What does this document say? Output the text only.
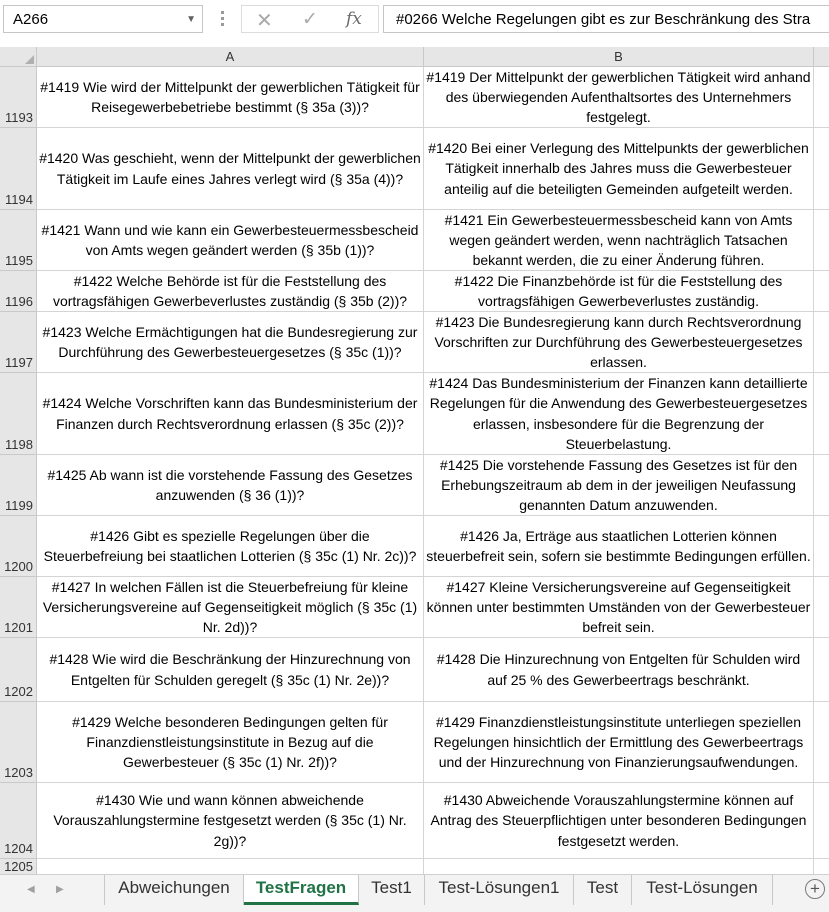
A266	▼	✕ ✓ fx #0266 Welche Regelungen gibt es zur Beschränkung des Stra
A	B
1193
#1419 Wie wird der Mittelpunkt der gewerblichen Tätigkeit für Reisegewerbebetriebe bestimmt (§ 35a (3))?
#1419 Der Mittelpunkt der gewerblichen Tätigkeit wird anhand des überwiegenden Aufenthaltsortes des Unternehmers festgelegt.
1194
#1420 Was geschieht, wenn der Mittelpunkt der gewerblichen Tätigkeit im Laufe eines Jahres verlegt wird (§ 35a (4))?
#1420 Bei einer Verlegung des Mittelpunkts der gewerblichen Tätigkeit innerhalb des Jahres muss die Gewerbesteuer anteilig auf die beteiligten Gemeinden aufgeteilt werden.
1195
#1421 Wann und wie kann ein Gewerbesteuermessbescheid von Amts wegen geändert werden (§ 35b (1))?
#1421 Ein Gewerbesteuermessbescheid kann von Amts wegen geändert werden, wenn nachträglich Tatsachen bekannt werden, die zu einer Änderung führen.
1196
#1422 Welche Behörde ist für die Feststellung des vortragsfähigen Gewerbeverlustes zuständig (§ 35b (2))?
#1422 Die Finanzbehörde ist für die Feststellung des vortragsfähigen Gewerbeverlustes zuständig.
1197
#1423 Welche Ermächtigungen hat die Bundesregierung zur Durchführung des Gewerbesteuergesetzes (§ 35c (1))?
#1423 Die Bundesregierung kann durch Rechtsverordnung Vorschriften zur Durchführung des Gewerbesteuergesetzes erlassen.
1198
#1424 Welche Vorschriften kann das Bundesministerium der Finanzen durch Rechtsverordnung erlassen (§ 35c (2))?
#1424 Das Bundesministerium der Finanzen kann detaillierte Regelungen für die Anwendung des Gewerbesteuergesetzes erlassen, insbesondere für die Begrenzung der Steuerbelastung.
1199
#1425 Ab wann ist die vorstehende Fassung des Gesetzes anzuwenden (§ 36 (1))?
#1425 Die vorstehende Fassung des Gesetzes ist für den Erhebungszeitraum ab dem in der jeweiligen Neufassung genannten Datum anzuwenden.
1200
#1426 Gibt es spezielle Regelungen über die Steuerbefreiung bei staatlichen Lotterien (§ 35c (1) Nr. 2c))?
#1426 Ja, Erträge aus staatlichen Lotterien können steuerbefreit sein, sofern sie bestimmte Bedingungen erfüllen.
1201
#1427 In welchen Fällen ist die Steuerbefreiung für kleine Versicherungsvereine auf Gegenseitigkeit möglich (§ 35c (1) Nr. 2d))?
#1427 Kleine Versicherungsvereine auf Gegenseitigkeit können unter bestimmten Umständen von der Gewerbesteuer befreit sein.
1202
#1428 Wie wird die Beschränkung der Hinzurechnung von Entgelten für Schulden geregelt (§ 35c (1) Nr. 2e))?
#1428 Die Hinzurechnung von Entgelten für Schulden wird auf 25 % des Gewerbeertrags beschränkt.
1203
#1429 Welche besonderen Bedingungen gelten für Finanzdienstleistungsinstitute in Bezug auf die Gewerbesteuer (§ 35c (1) Nr. 2f))?
#1429 Finanzdienstleistungsinstitute unterliegen speziellen Regelungen hinsichtlich der Ermittlung des Gewerbeertrags und der Hinzurechnung von Finanzierungsaufwendungen.
1204
#1430 Wie und wann können abweichende Vorauszahlungstermine festgesetzt werden (§ 35c (1) Nr. 2g))?
#1430 Abweichende Vorauszahlungstermine können auf Antrag des Steuerpflichtigen unter besonderen Bedingungen festgesetzt werden.
1205
◀ ▶	Abweichungen	TestFragen	Test1	Test-Lösungen1	Test	Test-Lösungen	+
